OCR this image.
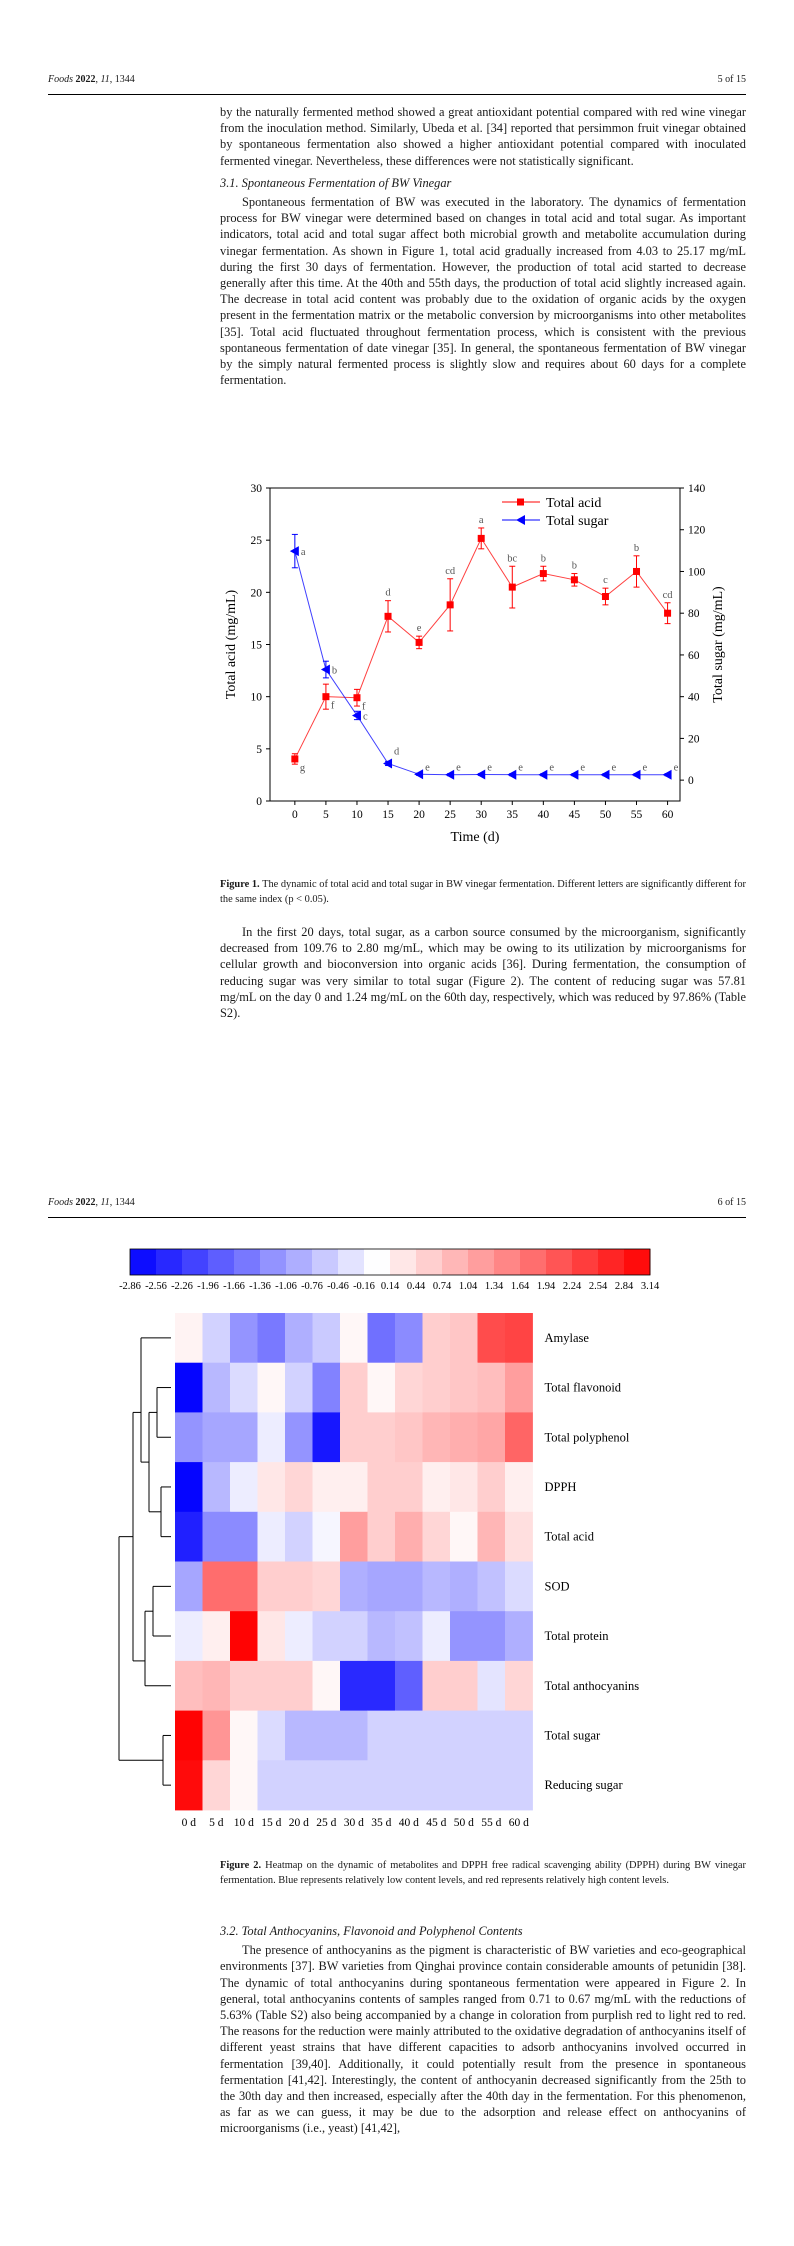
Foods 2022, 11, 1344	5 of 15

by the naturally fermented method showed a great antioxidant potential compared with red wine vinegar from the inoculation method. Similarly, Ubeda et al. [34] reported that persimmon fruit vinegar obtained by spontaneous fermentation also showed a higher antioxidant potential compared with inoculated fermented vinegar. Nevertheless, these differences were not statistically significant.

3.1. Spontaneous Fermentation of BW Vinegar

Spontaneous fermentation of BW was executed in the laboratory. The dynamics of fermentation process for BW vinegar were determined based on changes in total acid and total sugar. As important indicators, total acid and total sugar affect both microbial growth and metabolite accumulation during vinegar fermentation. As shown in Figure 1, total acid gradually increased from 4.03 to 25.17 mg/mL during the first 30 days of fermentation. However, the production of total acid started to decrease generally after this time. At the 40th and 55th days, the production of total acid slightly increased again. The decrease in total acid content was probably due to the oxidation of organic acids by the oxygen present in the fermentation matrix or the metabolic conversion by microorganisms into other metabolites [35]. Total acid fluctuated throughout fermentation process, which is consistent with the previous spontaneous fermentation of date vinegar [35]. In general, the spontaneous fermentation of BW vinegar by the simply natural fermented process is slightly slow and requires about 60 days for a complete fermentation.

0 5 10 15 20 25 30 35 40 45 50 55 60
0
5
10
15
20
25
30
0
20
40
60
80
100
120
140
Time (d)
Total acid (mg/mL)	Total sugar (mg/mL)
g
f	f
d
e
cd
a
bc b
b
c
b
cd
a
b
c
d
e	e	e	e	e	e	e	e	e
Total acid
Total sugar
Figure 1. The dynamic of total acid and total sugar in BW vinegar fermentation. Different letters are significantly different for the same index (p < 0.05).

In the first 20 days, total sugar, as a carbon source consumed by the microorganism, significantly decreased from 109.76 to 2.80 mg/mL, which may be owing to its utilization by microorganisms for cellular growth and bioconversion into organic acids [36]. During fermentation, the consumption of reducing sugar was very similar to total sugar (Figure 2). The content of reducing sugar was 57.81 mg/mL on the day 0 and 1.24 mg/mL on the 60th day, respectively, which was reduced by 97.86% (Table S2).

Foods 2022, 11, 1344	6 of 15
-2.86 -2.56 -2.26 -1.96 -1.66 -1.36 -1.06 -0.76 -0.46 -0.16 0.14 0.44 0.74 1.04 1.34 1.64 1.94 2.24 2.54 2.84 3.14
Amylase
Total flavonoid
Total polyphenol
DPPH
Total acid
SOD
Total protein
Total anthocyanins
Total sugar
Reducing sugar
0 d 5 d 10 d 15 d 20 d 25 d 30 d 35 d 40 d 45 d 50 d 55 d 60 d
Figure 2. Heatmap on the dynamic of metabolites and DPPH free radical scavenging ability (DPPH) during BW vinegar fermentation. Blue represents relatively low content levels, and red represents relatively high content levels.

3.2. Total Anthocyanins, Flavonoid and Polyphenol Contents

The presence of anthocyanins as the pigment is characteristic of BW varieties and eco-geographical environments [37]. BW varieties from Qinghai province contain considerable amounts of petunidin [38]. The dynamic of total anthocyanins during spontaneous fermentation were appeared in Figure 2. In general, total anthocyanins contents of samples ranged from 0.71 to 0.67 mg/mL with the reductions of 5.63% (Table S2) also being accompanied by a change in coloration from purplish red to light red to red. The reasons for the reduction were mainly attributed to the oxidative degradation of anthocyanins itself of different yeast strains that have different capacities to adsorb anthocyanins involved occurred in fermentation [39,40]. Additionally, it could potentially result from the presence in spontaneous fermentation [41,42]. Interestingly, the content of anthocyanin decreased significantly from the 25th to the 30th day and then increased, especially after the 40th day in the fermentation. For this phenomenon, as far as we can guess, it may be due to the adsorption and release effect on anthocyanins of microorganisms (i.e., yeast) [41,42],
